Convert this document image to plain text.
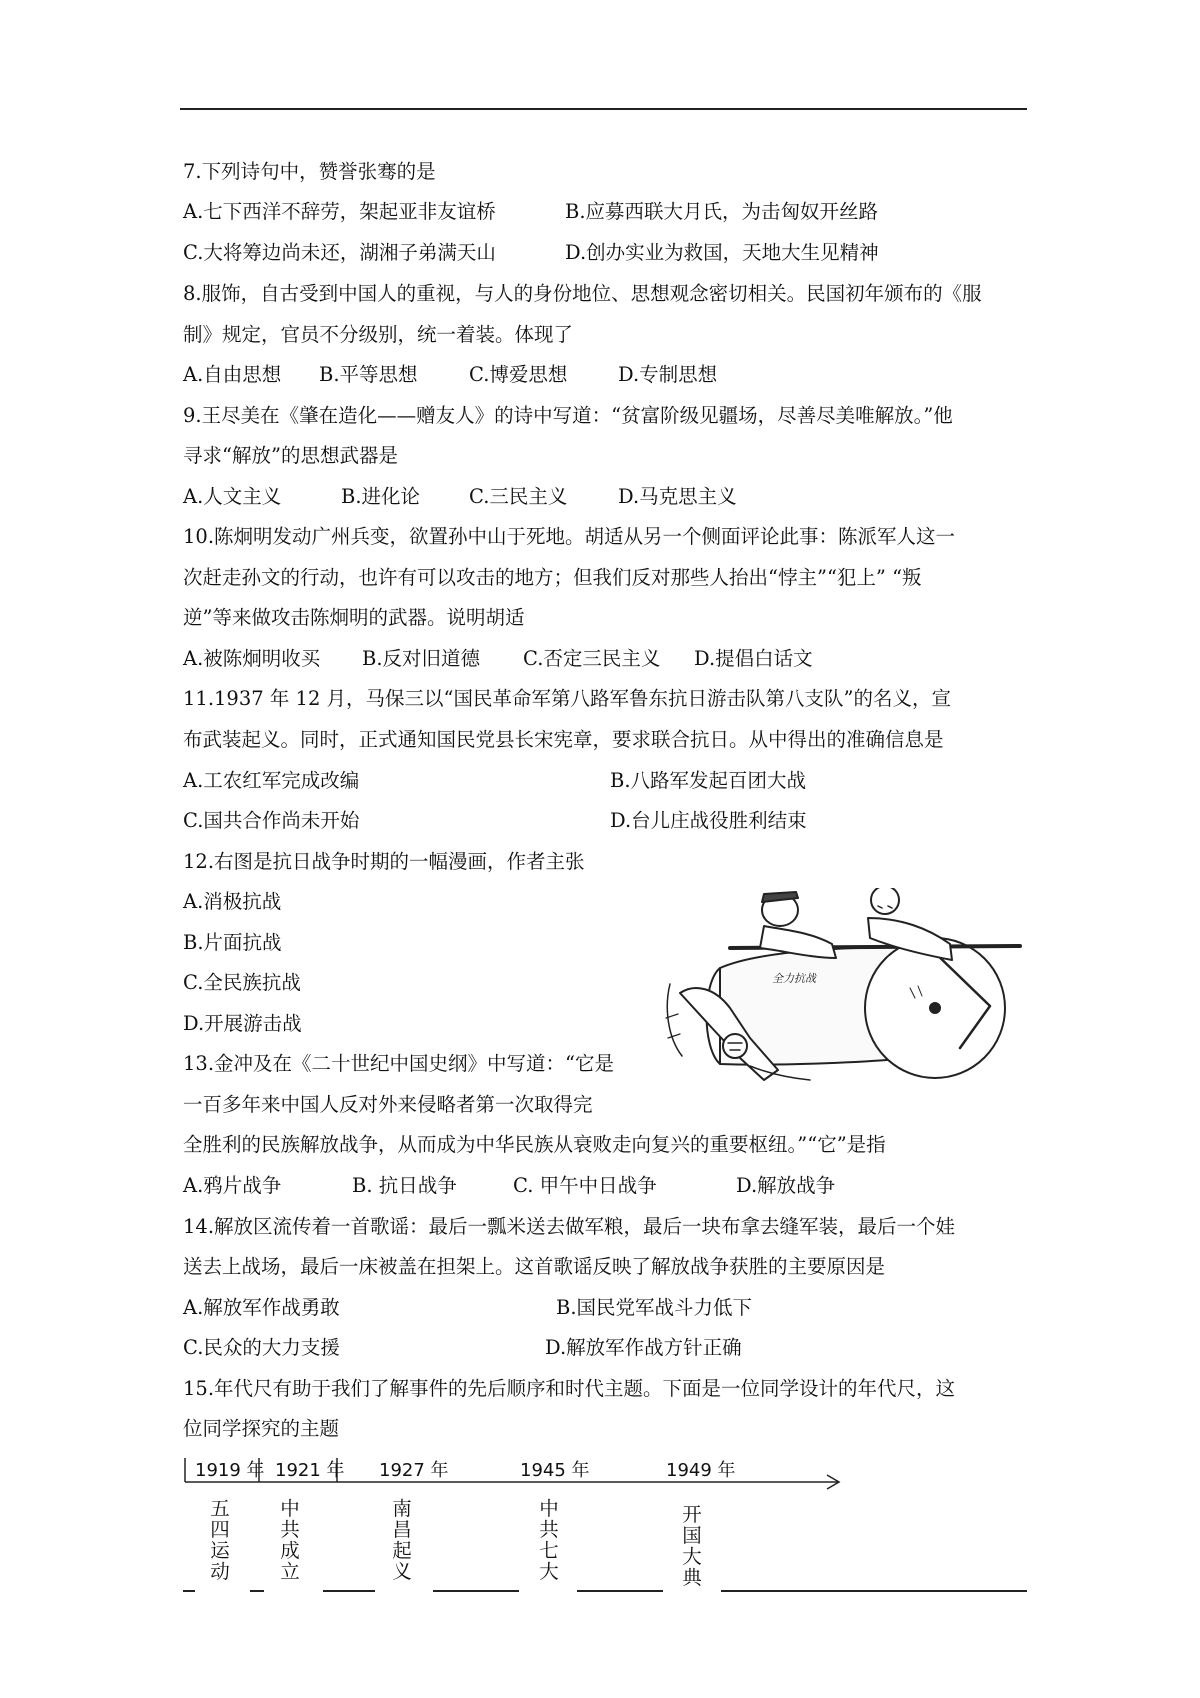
7.下列诗句中，赞誉张骞的是
A.七下西洋不辞劳，架起亚非友谊桥	B.应募西联大月氏，为击匈奴开丝路
C.大将筹边尚未还，湖湘子弟满天山	D.创办实业为救国，天地大生见精神
8.服饰，自古受到中国人的重视，与人的身份地位、思想观念密切相关。民国初年颁布的《服
制》规定，官员不分级别，统一着装。体现了
A.自由思想 B.平等思想	C.博爱思想	D.专制思想
9.王尽美在《肇在造化——赠友人》的诗中写道：“贫富阶级见疆场，尽善尽美唯解放。”他
寻求“解放”的思想武器是
A.人文主义	B.进化论	C.三民主义	D.马克思主义
10.陈炯明发动广州兵变，欲置孙中山于死地。胡适从另一个侧面评论此事：陈派军人这一
次赶走孙文的行动，也许有可以攻击的地方；但我们反对那些人抬出“悖主”“犯上” “叛
逆”等来做攻击陈炯明的武器。说明胡适
A.被陈炯明收买 B.反对旧道德 C.否定三民主义 D.提倡白话文
11.1937 年 12 月，马保三以“国民革命军第八路军鲁东抗日游击队第八支队”的名义，宣
布武装起义。同时，正式通知国民党县长宋宪章，要求联合抗日。从中得出的准确信息是
A.工农红军完成改编	B.八路军发起百团大战
C.国共合作尚未开始	D.台儿庄战役胜利结束
12.右图是抗日战争时期的一幅漫画，作者主张
A.消极抗战
B.片面抗战
C.全民族抗战
D.开展游击战
全力抗战
13.金冲及在《二十世纪中国史纲》中写道：“它是
一百多年来中国人反对外来侵略者第一次取得完
全胜利的民族解放战争，从而成为中华民族从衰败走向复兴的重要枢纽。”“它”是指
A.鸦片战争	B. 抗日战争	C. 甲午中日战争	D.解放战争
14.解放区流传着一首歌谣：最后一瓢米送去做军粮，最后一块布拿去缝军装，最后一个娃
送去上战场，最后一床被盖在担架上。这首歌谣反映了解放战争获胜的主要原因是
A.解放军作战勇敢	B.国民党军战斗力低下
C.民众的大力支援	D.解放军作战方针正确
15.年代尺有助于我们了解事件的先后顺序和时代主题。下面是一位同学设计的年代尺，这
位同学探究的主题
1919 年 1921 年 1927 年	1945 年	1949 年
五四运动
中共成立
南昌起义
中共七大
开国大典
